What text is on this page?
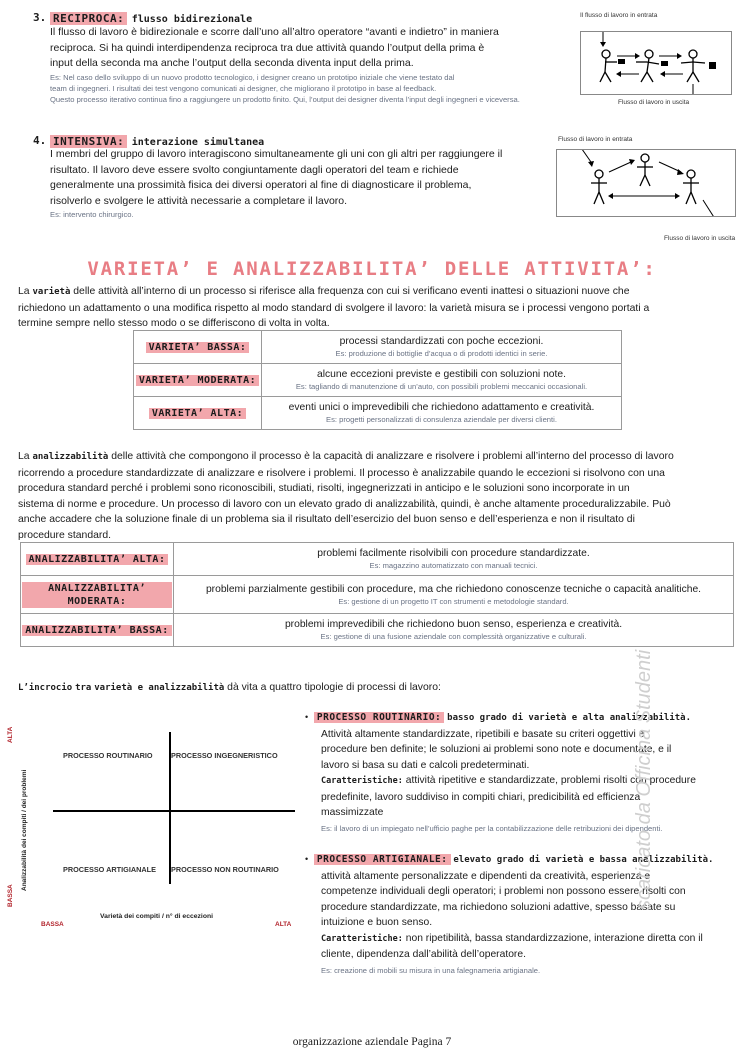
3. RECIPROCA: flusso bidirezionale
Il flusso di lavoro è bidirezionale e scorre dall’uno all’altro operatore “avanti e indietro” in maniera
reciproca. Si ha quindi interdipendenza reciproca tra due attività quando l’output della prima è
input della seconda ma anche l’output della seconda diventa input della prima.
Es: Nel caso dello sviluppo di un nuovo prodotto tecnologico, i designer creano un prototipo iniziale che viene testato dal
team di ingegneri. I risultati dei test vengono comunicati ai designer, che migliorano il prototipo in base al feedback.
Questo processo iterativo continua fino a raggiungere un prodotto finito. Qui, l’output dei designer diventa l’input degli ingegneri e viceversa.
Il flusso di lavoro in entrata
Flusso di lavoro in uscita
4. INTENSIVA: interazione simultanea
I membri del gruppo di lavoro interagiscono simultaneamente gli uni con gli altri per raggiungere il
risultato. Il lavoro deve essere svolto congiuntamente dagli operatori del team e richiede
generalmente una prossimità fisica dei diversi operatori al fine di diagnosticare il problema,
risolverlo e svolgere le attività necessarie a completare il lavoro.
Es: intervento chirurgico.
Flusso di lavoro in entrata
Flusso di lavoro in uscita
VARIETA’ E ANALIZZABILITA’ DELLE ATTIVITA’:
La varietà delle attività all’interno di un processo si riferisce alla frequenza con cui si verificano eventi inattesi o situazioni nuove che
richiedono un adattamento o una modifica rispetto al modo standard di svolgere il lavoro: la varietà misura se i processi vengono portati a
termine sempre nello stesso modo o se differiscono di volta in volta.
VARIETA’ BASSA:	processi standardizzati con poche eccezioni.
Es: produzione di bottiglie d’acqua o di prodotti identici in serie.

VARIETA’ MODERATA:	alcune eccezioni previste e gestibili con soluzioni note.
Es: tagliando di manutenzione di un’auto, con possibili problemi meccanici occasionali.

VARIETA’ ALTA:	eventi unici o imprevedibili che richiedono adattamento e creatività.
Es: progetti personalizzati di consulenza aziendale per diversi clienti.
La analizzabilità delle attività che compongono il processo è la capacità di analizzare e risolvere i problemi all’interno del processo di lavoro
ricorrendo a procedure standardizzate di analizzare e risolvere i problemi. Il processo è analizzabile quando le eccezioni si risolvono con una
procedura standard perché i problemi sono riconoscibili, studiati, risolti, ingegnerizzati in anticipo e le soluzioni sono incorporate in un
sistema di norme e procedure. Un processo di lavoro con un elevato grado di analizzabilità, quindi, è anche altamente proceduralizzabile. Può
anche accadere che la soluzione finale di un problema sia il risultato dell’esercizio del buon senso e dell’esperienza e non il risultato di
procedure standard.
ANALIZZABILITA’ ALTA:	problemi facilmente risolvibili con procedure standardizzate.
Es: magazzino automatizzato con manuali tecnici.

ANALIZZABILITA’ MODERATA:	problemi parzialmente gestibili con procedure, ma che richiedono conoscenze tecniche o capacità analitiche.
Es: gestione di un progetto IT con strumenti e metodologie standard.

ANALIZZABILITA’ BASSA:	problemi imprevedibili che richiedono buon senso, esperienza e creatività.
Es: gestione di una fusione aziendale con complessità organizzative e culturali.
L’incrocio tra varietà e analizzabilità dà vita a quattro tipologie di processi di lavoro:
PROCESSO ROUTINARIO	PROCESSO INGEGNERISTICO
PROCESSO ARTIGIANALE PROCESSO NON ROUTINARIO
Analizzabilità dei compiti / dei problemi
ALTA
BASSA
Varietà dei compiti / n° di eccezioni
BASSA	ALTA
• PROCESSO ROUTINARIO: basso grado di varietà e alta analizzabilità.
Attività altamente standardizzate, ripetibili e basate su criteri oggettivi e
procedure ben definite; le soluzioni ai problemi sono note e documentate, e il
lavoro si basa su dati e calcoli predeterminati.
Caratteristiche: attività ripetitive e standardizzate, problemi risolti con procedure
predefinite, lavoro suddiviso in compiti chiari, predicibilità ed efficienza
massimizzate
Es: il lavoro di un impiegato nell’ufficio paghe per la contabilizzazione delle retribuzioni dei dipendenti.
• PROCESSO ARTIGIANALE: elevato grado di varietà e bassa analizzabilità.
attività altamente personalizzate e dipendenti da creatività, esperienza e
competenze individuali degli operatori; i problemi non possono essere risolti con
procedure standardizzate, ma richiedono soluzioni adattive, spesso basate su
intuizione e buon senso.
Caratteristiche: non ripetibilità, bassa standardizzazione, interazione diretta con il
cliente, dipendenza dall’abilità dell’operatore.
Es: creazione di mobili su misura in una falegnameria artigianale.
scaricato da Officina Studenti
organizzazione aziendale Pagina 7
